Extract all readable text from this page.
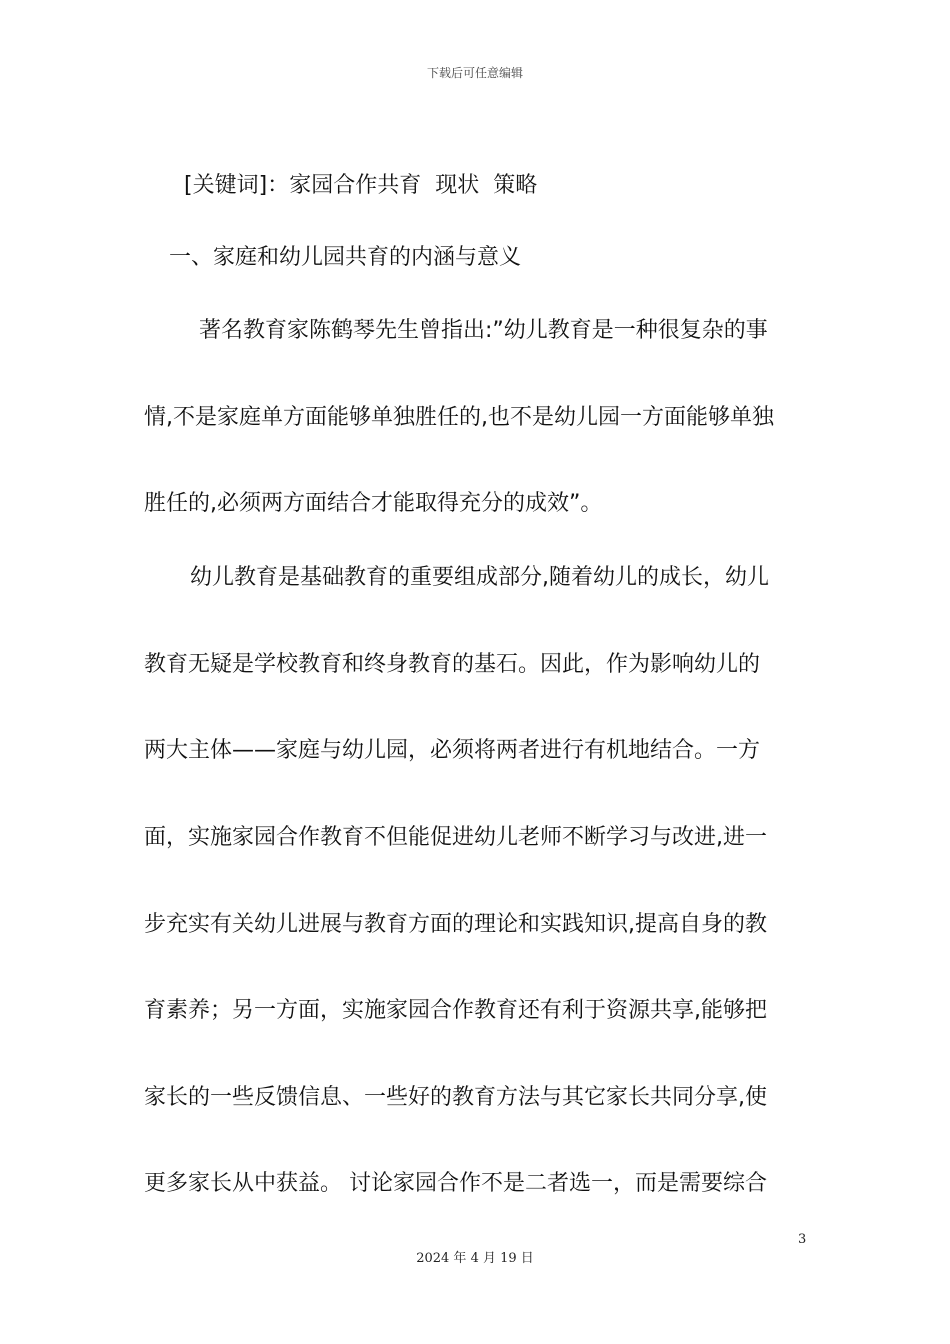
下载后可任意编辑
[关键词]：家园合作共育 现状 策略
一、家庭和幼儿园共育的内涵与意义
著名教育家陈鹤琴先生曾指出:”幼儿教育是一种很复杂的事
情,不是家庭单方面能够单独胜任的,也不是幼儿园一方面能够单独
胜任的,必须两方面结合才能取得充分的成效”。
幼儿教育是基础教育的重要组成部分,随着幼儿的成长，幼儿
教育无疑是学校教育和终身教育的基石。因此，作为影响幼儿的
两大主体——家庭与幼儿园，必须将两者进行有机地结合。一方
面，实施家园合作教育不但能促进幼儿老师不断学习与改进,进一
步充实有关幼儿进展与教育方面的理论和实践知识,提高自身的教
育素养；另一方面，实施家园合作教育还有利于资源共享,能够把
家长的一些反馈信息、一些好的教育方法与其它家长共同分享,使
更多家长从中获益。 讨论家园合作不是二者选一，而是需要综合
3
2024 年 4 月 19 日
